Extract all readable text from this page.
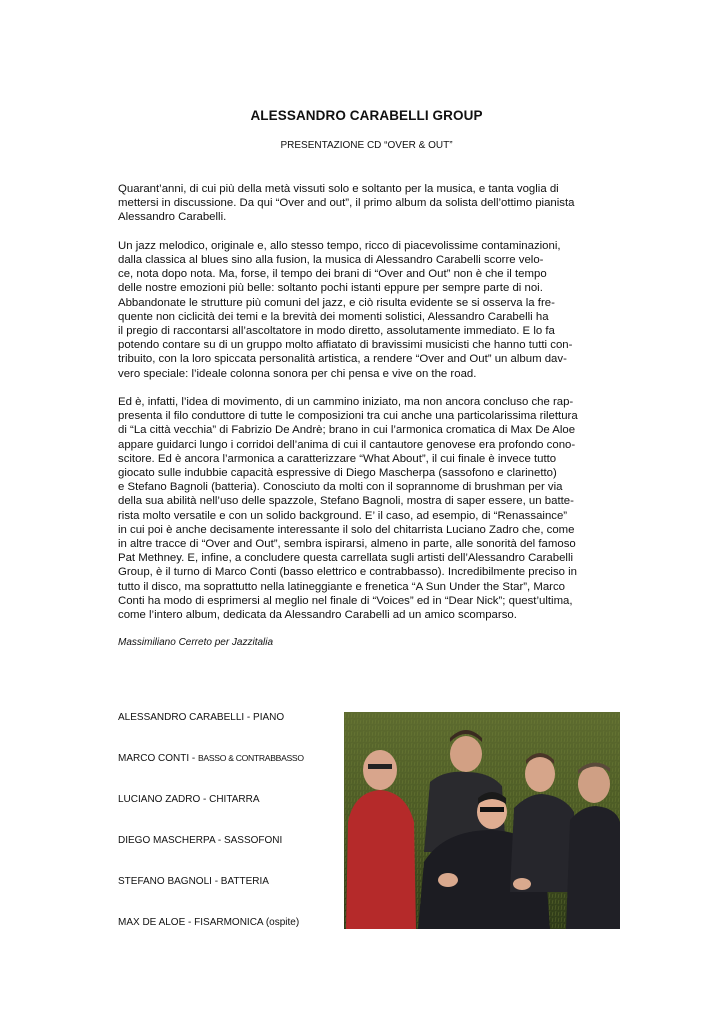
ALESSANDRO CARABELLI GROUP
PRESENTAZIONE CD “OVER & OUT”

Quarant’anni, di cui più della metà vissuti solo e soltanto per la musica, e tanta voglia di
mettersi in discussione. Da qui “Over and out”, il primo album da solista dell’ottimo pianista
Alessandro Carabelli.

Un jazz melodico, originale e, allo stesso tempo, ricco di piacevolissime contaminazioni,
dalla classica al blues sino alla fusion, la musica di Alessandro Carabelli scorre velo-
ce, nota dopo nota. Ma, forse, il tempo dei brani di “Over and Out” non è che il tempo
delle nostre emozioni più belle: soltanto pochi istanti eppure per sempre parte di noi.
Abbandonate le strutture più comuni del jazz, e ciò risulta evidente se si osserva la fre-
quente non ciclicità dei temi e la brevità dei momenti solistici, Alessandro Carabelli ha
il pregio di raccontarsi all’ascoltatore in modo diretto, assolutamente immediato. E lo fa
potendo contare su di un gruppo molto affiatato di bravissimi musicisti che hanno tutti con-
tribuito, con la loro spiccata personalità artistica, a rendere “Over and Out” un album dav-
vero speciale: l’ideale colonna sonora per chi pensa e vive on the road.

Ed è, infatti, l’idea di movimento, di un cammino iniziato, ma non ancora concluso che rap-
presenta il filo conduttore di tutte le composizioni tra cui anche una particolarissima rilettura
di “La città vecchia” di Fabrizio De Andrè; brano in cui l’armonica cromatica di Max De Aloe
appare guidarci lungo i corridoi dell’anima di cui il cantautore genovese era profondo cono-
scitore. Ed è ancora l’armonica a caratterizzare “What About”, il cui finale è invece tutto
giocato sulle indubbie capacità espressive di Diego Mascherpa (sassofono e clarinetto)
e Stefano Bagnoli (batteria). Conosciuto da molti con il soprannome di brushman per via
della sua abilità nell’uso delle spazzole, Stefano Bagnoli, mostra di saper essere, un batte-
rista molto versatile e con un solido background. E’ il caso, ad esempio, di “Renassaince”
in cui poi è anche decisamente interessante il solo del chitarrista Luciano Zadro che, come
in altre tracce di “Over and Out”, sembra ispirarsi, almeno in parte, alle sonorità del famoso
Pat Methney. E, infine, a concludere questa carrellata sugli artisti dell’Alessandro Carabelli
Group, è il turno di Marco Conti (basso elettrico e contrabbasso). Incredibilmente preciso in
tutto il disco, ma soprattutto nella latineggiante e frenetica “A Sun Under the Star”, Marco
Conti ha modo di esprimersi al meglio nel finale di “Voices” ed in “Dear Nick”; quest’ultima,
come l’intero album, dedicata da Alessandro Carabelli ad un amico scomparso.

Massimiliano Cerreto per Jazzitalia

ALESSANDRO CARABELLI - PIANO
MARCO CONTI - BASSO & CONTRABBASSO
LUCIANO ZADRO - CHITARRA
DIEGO MASCHERPA - SASSOFONI
STEFANO BAGNOLI - BATTERIA
MAX DE ALOE - FISARMONICA (ospite)
